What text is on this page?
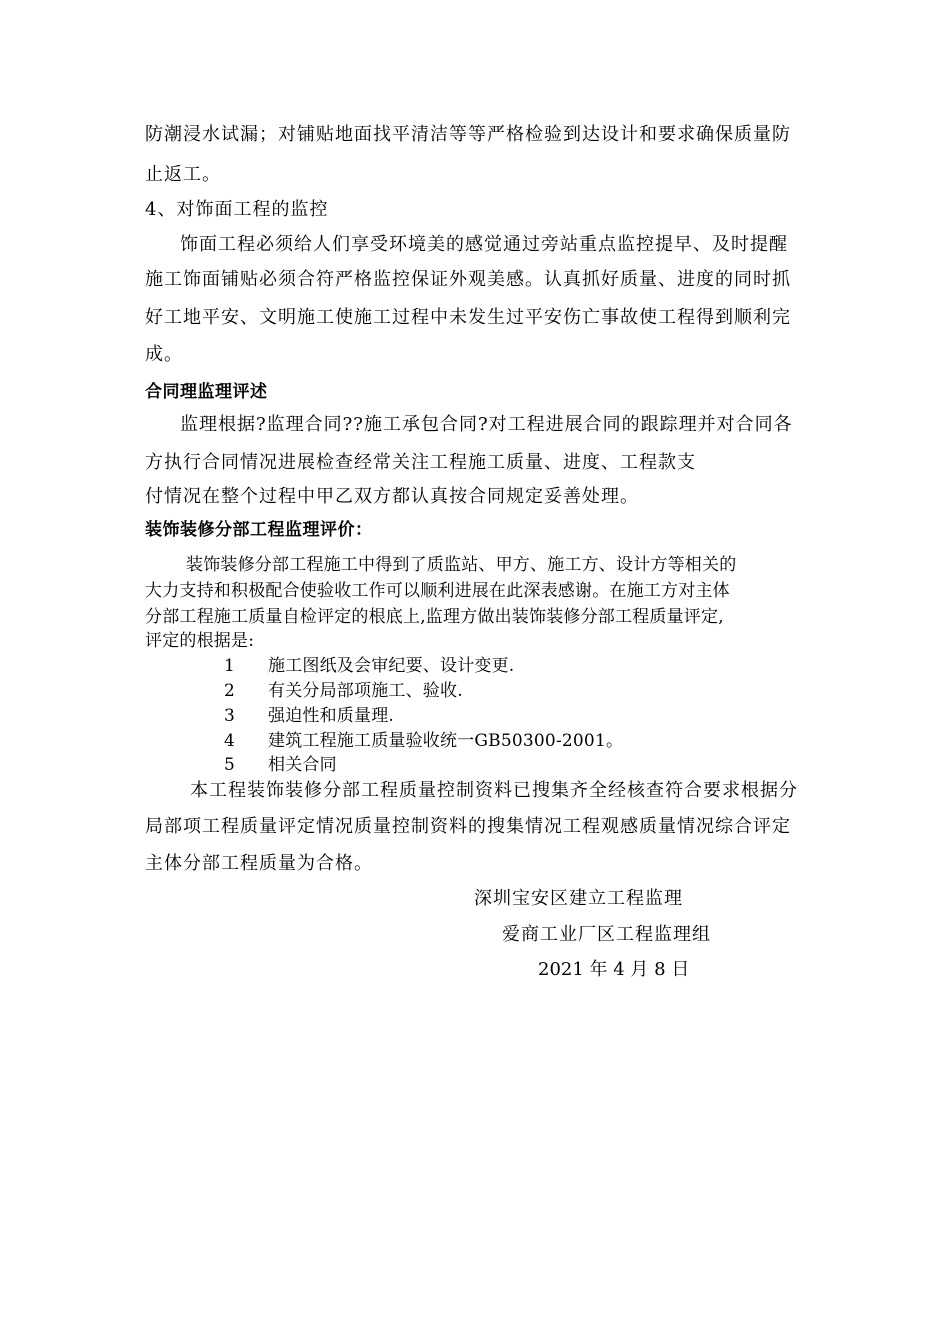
防潮浸水试漏；对铺贴地面找平清洁等等严格检验到达设计和要求确保质量防
止返工。
4、对饰面工程的监控
饰面工程必须给人们享受环境美的感觉通过旁站重点监控提早、及时提醒
施工饰面铺贴必须合符严格监控保证外观美感。认真抓好质量、进度的同时抓
好工地平安、文明施工使施工过程中未发生过平安伤亡事故使工程得到顺利完
成。
合同理监理评述
监理根据?监理合同??施工承包合同?对工程进展合同的跟踪理并对合同各
方执行合同情况进展检查经常关注工程施工质量、进度、工程款支
付情况在整个过程中甲乙双方都认真按合同规定妥善处理。
装饰装修分部工程监理评价：
装饰装修分部工程施工中得到了质监站、甲方、施工方、设计方等相关的
大力支持和积极配合使验收工作可以顺利进展在此深表感谢。在施工方对主体
分部工程施工质量自检评定的根底上,监理方做出装饰装修分部工程质量评定,
评定的根据是:
1 施工图纸及会审纪要、设计变更.
2 有关分局部项施工、验收.
3 强迫性和质量理.
4 建筑工程施工质量验收统一GB50300-2001。
5 相关合同
本工程装饰装修分部工程质量控制资料已搜集齐全经核查符合要求根据分
局部项工程质量评定情况质量控制资料的搜集情况工程观感质量情况综合评定
主体分部工程质量为合格。
深圳宝安区建立工程监理
爱商工业厂区工程监理组
2021 年 4 月 8 日
